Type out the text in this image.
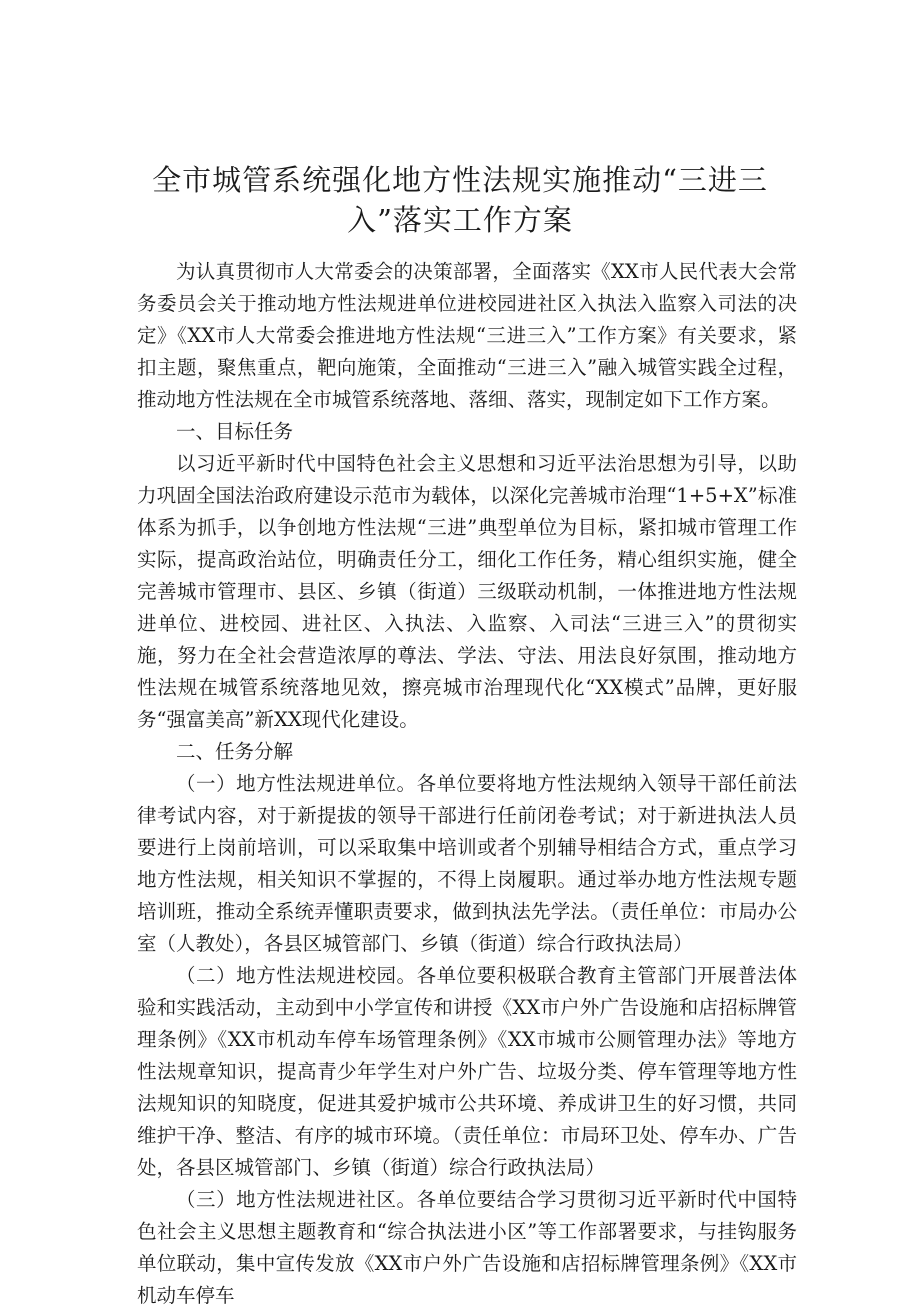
全市城管系统强化地方性法规实施推动“三进三入”落实工作方案

为认真贯彻市人大常委会的决策部署，全面落实《XX市人民代表大会常务委员会关于推动地方性法规进单位进校园进社区入执法入监察入司法的决定》《XX市人大常委会推进地方性法规“三进三入”工作方案》有关要求，紧扣主题，聚焦重点，靶向施策，全面推动“三进三入”融入城管实践全过程，推动地方性法规在全市城管系统落地、落细、落实，现制定如下工作方案。

一、目标任务

以习近平新时代中国特色社会主义思想和习近平法治思想为引导，以助力巩固全国法治政府建设示范市为载体，以深化完善城市治理“1+5+X”标准体系为抓手，以争创地方性法规“三进”典型单位为目标，紧扣城市管理工作实际，提高政治站位，明确责任分工，细化工作任务，精心组织实施，健全完善城市管理市、县区、乡镇（街道）三级联动机制，一体推进地方性法规进单位、进校园、进社区、入执法、入监察、入司法“三进三入”的贯彻实施，努力在全社会营造浓厚的尊法、学法、守法、用法良好氛围，推动地方性法规在城管系统落地见效，擦亮城市治理现代化“XX模式”品牌，更好服务“强富美高”新XX现代化建设。

二、任务分解

（一）地方性法规进单位。各单位要将地方性法规纳入领导干部任前法律考试内容，对于新提拔的领导干部进行任前闭卷考试；对于新进执法人员要进行上岗前培训，可以采取集中培训或者个别辅导相结合方式，重点学习地方性法规，相关知识不掌握的，不得上岗履职。通过举办地方性法规专题培训班，推动全系统弄懂职责要求，做到执法先学法。（责任单位：市局办公室（人教处），各县区城管部门、乡镇（街道）综合行政执法局）

（二）地方性法规进校园。各单位要积极联合教育主管部门开展普法体验和实践活动，主动到中小学宣传和讲授《XX市户外广告设施和店招标牌管理条例》《XX市机动车停车场管理条例》《XX市城市公厕管理办法》等地方性法规章知识，提高青少年学生对户外广告、垃圾分类、停车管理等地方性法规知识的知晓度，促进其爱护城市公共环境、养成讲卫生的好习惯，共同维护干净、整洁、有序的城市环境。（责任单位：市局环卫处、停车办、广告处，各县区城管部门、乡镇（街道）综合行政执法局）

（三）地方性法规进社区。各单位要结合学习贯彻习近平新时代中国特色社会主义思想主题教育和“综合执法进小区”等工作部署要求，与挂钩服务单位联动，集中宣传发放《XX市户外广告设施和店招标牌管理条例》《XX市机动车停车
